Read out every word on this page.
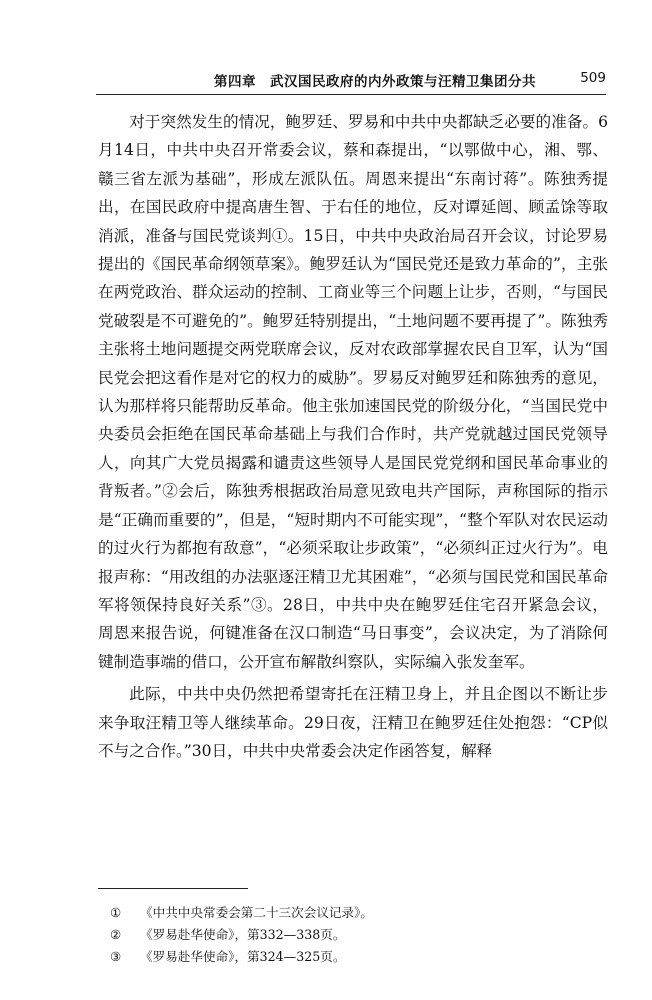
第四章　武汉国民政府的内外政策与汪精卫集团分共	509

对于突然发生的情况，鲍罗廷、罗易和中共中央都缺乏必要的准备。6月14日，中共中央召开常委会议，蔡和森提出，“以鄂做中心，湘、鄂、赣三省左派为基础”，形成左派队伍。周恩来提出“东南讨蒋”。陈独秀提出，在国民政府中提高唐生智、于右任的地位，反对谭延闿、顾孟馀等取消派，准备与国民党谈判①。15日，中共中央政治局召开会议，讨论罗易提出的《国民革命纲领草案》。鲍罗廷认为“国民党还是致力革命的”，主张在两党政治、群众运动的控制、工商业等三个问题上让步，否则，“与国民党破裂是不可避免的”。鲍罗廷特别提出，“土地问题不要再提了”。陈独秀主张将土地问题提交两党联席会议，反对农政部掌握农民自卫军，认为“国民党会把这看作是对它的权力的威胁”。罗易反对鲍罗廷和陈独秀的意见，认为那样将只能帮助反革命。他主张加速国民党的阶级分化，“当国民党中央委员会拒绝在国民革命基础上与我们合作时，共产党就越过国民党领导人，向其广大党员揭露和谴责这些领导人是国民党党纲和国民革命事业的背叛者。”②会后，陈独秀根据政治局意见致电共产国际，声称国际的指示是“正确而重要的”，但是，“短时期内不可能实现”，“整个军队对农民运动的过火行为都抱有敌意”，“必须采取让步政策”，“必须纠正过火行为”。电报声称：“用改组的办法驱逐汪精卫尤其困难”，“必须与国民党和国民革命军将领保持良好关系”③。28日，中共中央在鲍罗廷住宅召开紧急会议，周恩来报告说，何键准备在汉口制造“马日事变”，会议决定，为了消除何键制造事端的借口，公开宣布解散纠察队，实际编入张发奎军。

此际，中共中央仍然把希望寄托在汪精卫身上，并且企图以不断让步来争取汪精卫等人继续革命。29日夜，汪精卫在鲍罗廷住处抱怨：“CP似不与之合作。”30日，中共中央常委会决定作函答复，解释

①	《中共中央常委会第二十三次会议记录》。
②	《罗易赴华使命》，第332—338页。
③	《罗易赴华使命》，第324—325页。
